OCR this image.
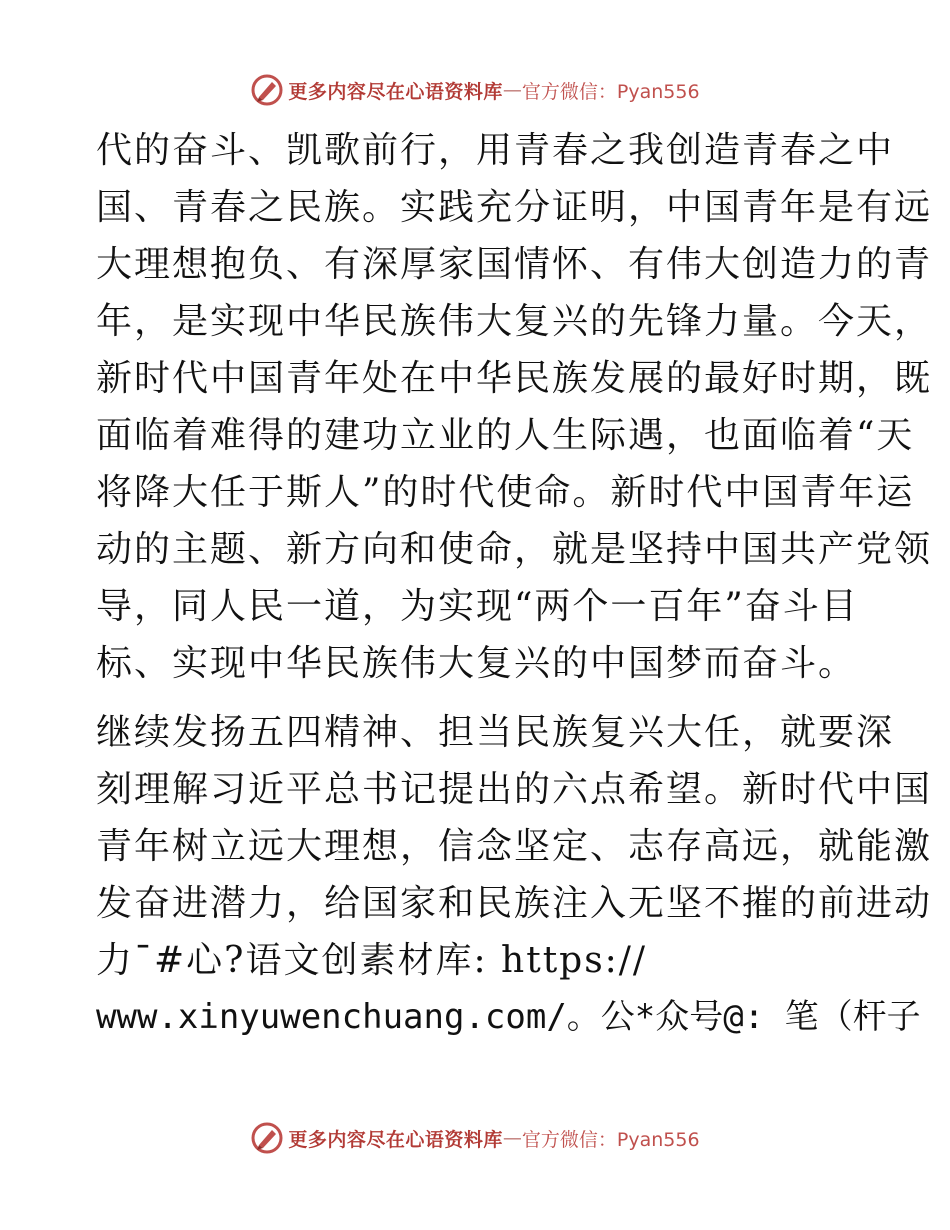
更多内容尽在心语资料库 — 官方微信：Pyan556

代的奋斗、凯歌前行，用青春之我创造青春之中

国、青春之民族。实践充分证明，中国青年是有远

大理想抱负、有深厚家国情怀、有伟大创造力的青

年，是实现中华民族伟大复兴的先锋力量。今天，

新时代中国青年处在中华民族发展的最好时期，既

面临着难得的建功立业的人生际遇，也面临着“天

将降大任于斯人”的时代使命。新时代中国青年运

动的主题、新方向和使命，就是坚持中国共产党领

导，同人民一道，为实现“两个一百年”奋斗目

标、实现中华民族伟大复兴的中国梦而奋斗。

继续发扬五四精神、担当民族复兴大任，就要深

刻理解习近平总书记提出的六点希望。新时代中国

青年树立远大理想，信念坚定、志存高远，就能激

发奋进潜力，给国家和民族注入无坚不摧的前进动

力¯#心?语文创素材库: https://

www.xinyuwenchuang.com/。公*众号@: 笔（杆子

更多内容尽在心语资料库 — 官方微信：Pyan556
